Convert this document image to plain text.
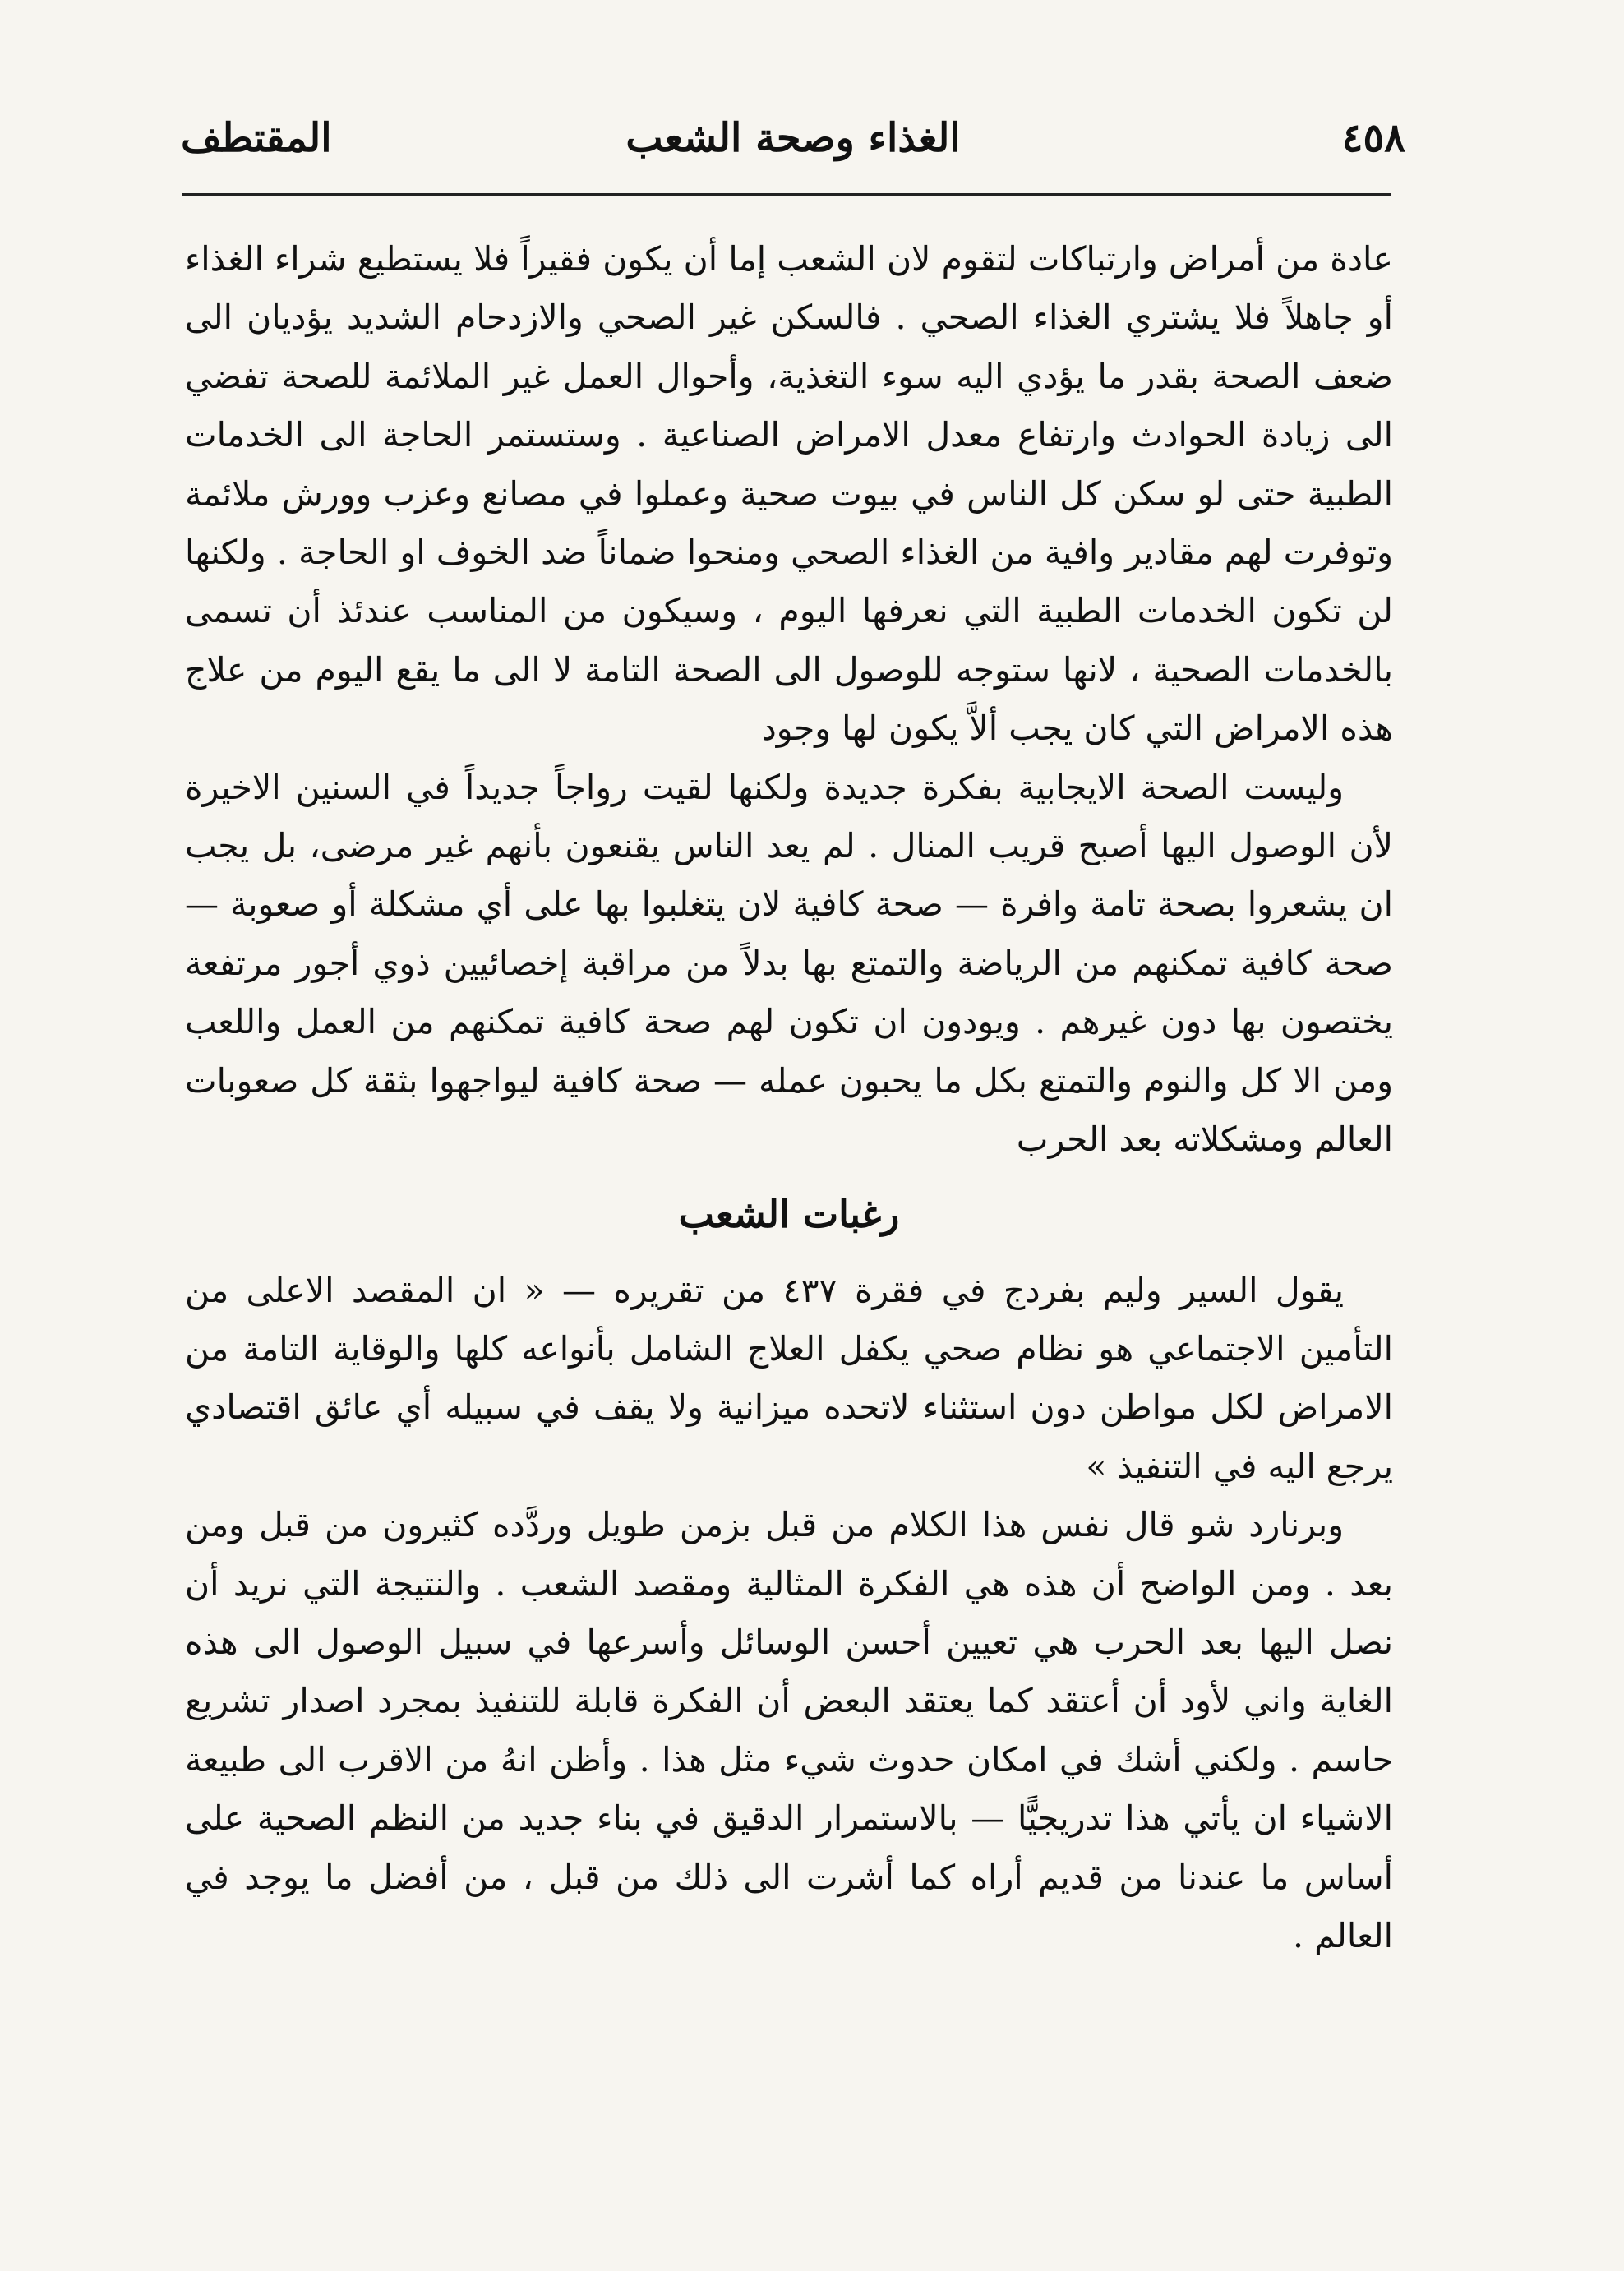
٤٥٨
الغذاء وصحة الشعب
المقتطف

عادة من أمراض وارتباكات لتقوم لان الشعب إما أن يكون فقيراً فلا يستطيع شراء الغذاء أو جاهلاً فلا يشتري الغذاء الصحي . فالسكن غير الصحي والازدحام الشديد يؤديان الى ضعف الصحة بقدر ما يؤدي اليه سوء التغذية، وأحوال العمل غير الملائمة للصحة تفضي الى زيادة الحوادث وارتفاع معدل الامراض الصناعية . وستستمر الحاجة الى الخدمات الطبية حتى لو سكن كل الناس في بيوت صحية وعملوا في مصانع وعزب وورش ملائمة وتوفرت لهم مقادير وافية من الغذاء الصحي ومنحوا ضماناً ضد الخوف او الحاجة . ولكنها لن تكون الخدمات الطبية التي نعرفها اليوم ، وسيكون من المناسب عندئذ أن تسمى بالخدمات الصحية ، لانها ستوجه للوصول الى الصحة التامة لا الى ما يقع اليوم من علاج هذه الامراض التي كان يجب ألاَّ يكون لها وجود

وليست الصحة الايجابية بفكرة جديدة ولكنها لقيت رواجاً جديداً في السنين الاخيرة لأن الوصول اليها أصبح قريب المنال . لم يعد الناس يقنعون بأنهم غير مرضى، بل يجب ان يشعروا بصحة تامة وافرة — صحة كافية لان يتغلبوا بها على أي مشكلة أو صعوبة — صحة كافية تمكنهم من الرياضة والتمتع بها بدلاً من مراقبة إخصائيين ذوي أجور مرتفعة يختصون بها دون غيرهم . ويودون ان تكون لهم صحة كافية تمكنهم من العمل واللعب ومن الا كل والنوم والتمتع بكل ما يحبون عمله — صحة كافية ليواجهوا بثقة كل صعوبات العالم ومشكلاته بعد الحرب

رغبات الشعب

يقول السير وليم بفردج في فقرة ٤٣٧ من تقريره — « ان المقصد الاعلى من التأمين الاجتماعي هو نظام صحي يكفل العلاج الشامل بأنواعه كلها والوقاية التامة من الامراض لكل مواطن دون استثناء لاتحده ميزانية ولا يقف في سبيله أي عائق اقتصادي يرجع اليه في التنفيذ »

وبرنارد شو قال نفس هذا الكلام من قبل بزمن طويل وردَّده كثيرون من قبل ومن بعد . ومن الواضح أن هذه هي الفكرة المثالية ومقصد الشعب . والنتيجة التي نريد أن نصل اليها بعد الحرب هي تعيين أحسن الوسائل وأسرعها في سبيل الوصول الى هذه الغاية واني لأود أن أعتقد كما يعتقد البعض أن الفكرة قابلة للتنفيذ بمجرد اصدار تشريع حاسم . ولكني أشك في امكان حدوث شيء مثل هذا . وأظن انهُ من الاقرب الى طبيعة الاشياء ان يأتي هذا تدريجيًّا — بالاستمرار الدقيق في بناء جديد من النظم الصحية على أساس ما عندنا من قديم أراه كما أشرت الى ذلك من قبل ، من أفضل ما يوجد في العالم .
